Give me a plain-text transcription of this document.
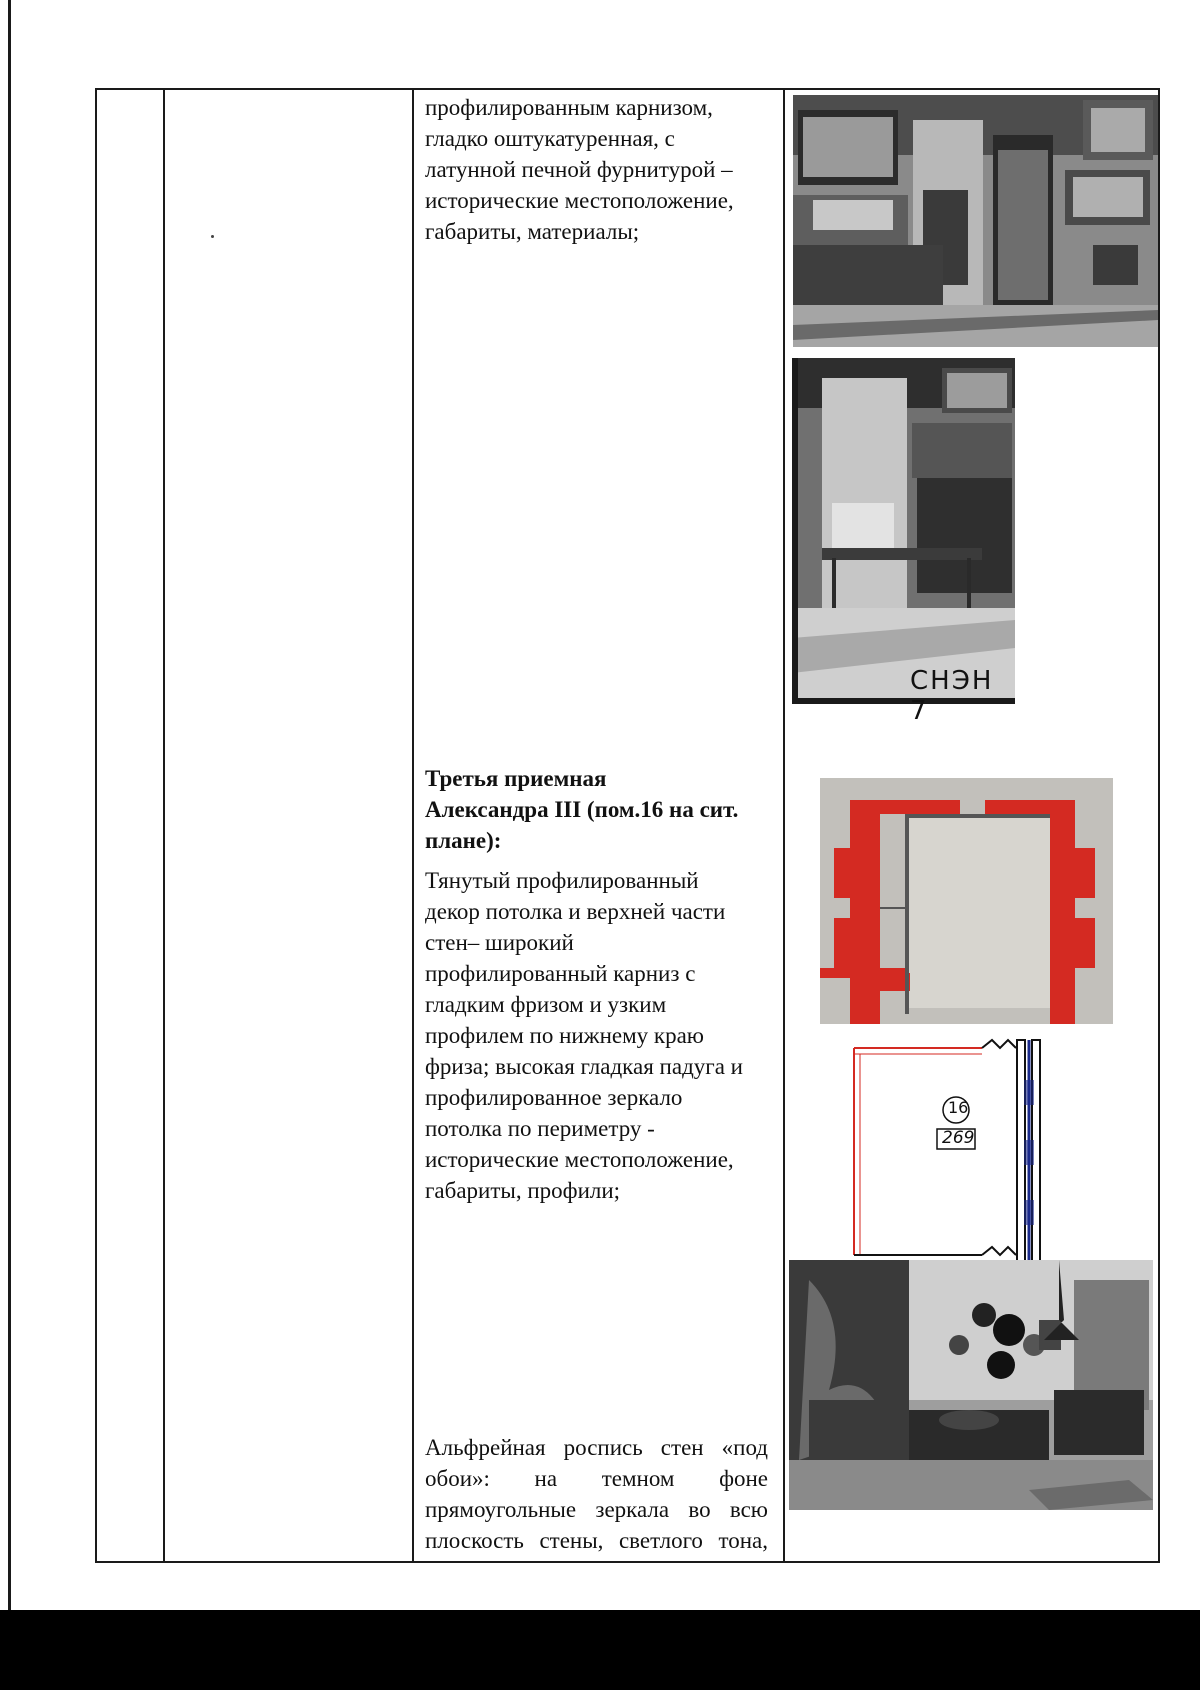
профилированным карнизом,

гладко оштукатуренная, с

латунной печной фурнитурой –

исторические местоположение,

габариты, материалы;

Третья приемная

Александра III (пом.16 на сит.

плане):

Тянутый профилированный

декор потолка и верхней части

стен– широкий

профилированный карниз с

гладким фризом и узким

профилем по нижнему краю

фриза; высокая гладкая падуга и

профилированное зеркало

потолка по периметру -

исторические местоположение,

габариты, профили;

Альфрейная роспись стен «под

обои»: на темном фоне

прямоугольные зеркала во всю

плоскость стены, светлого тона,

СНЭН 7
16
269
